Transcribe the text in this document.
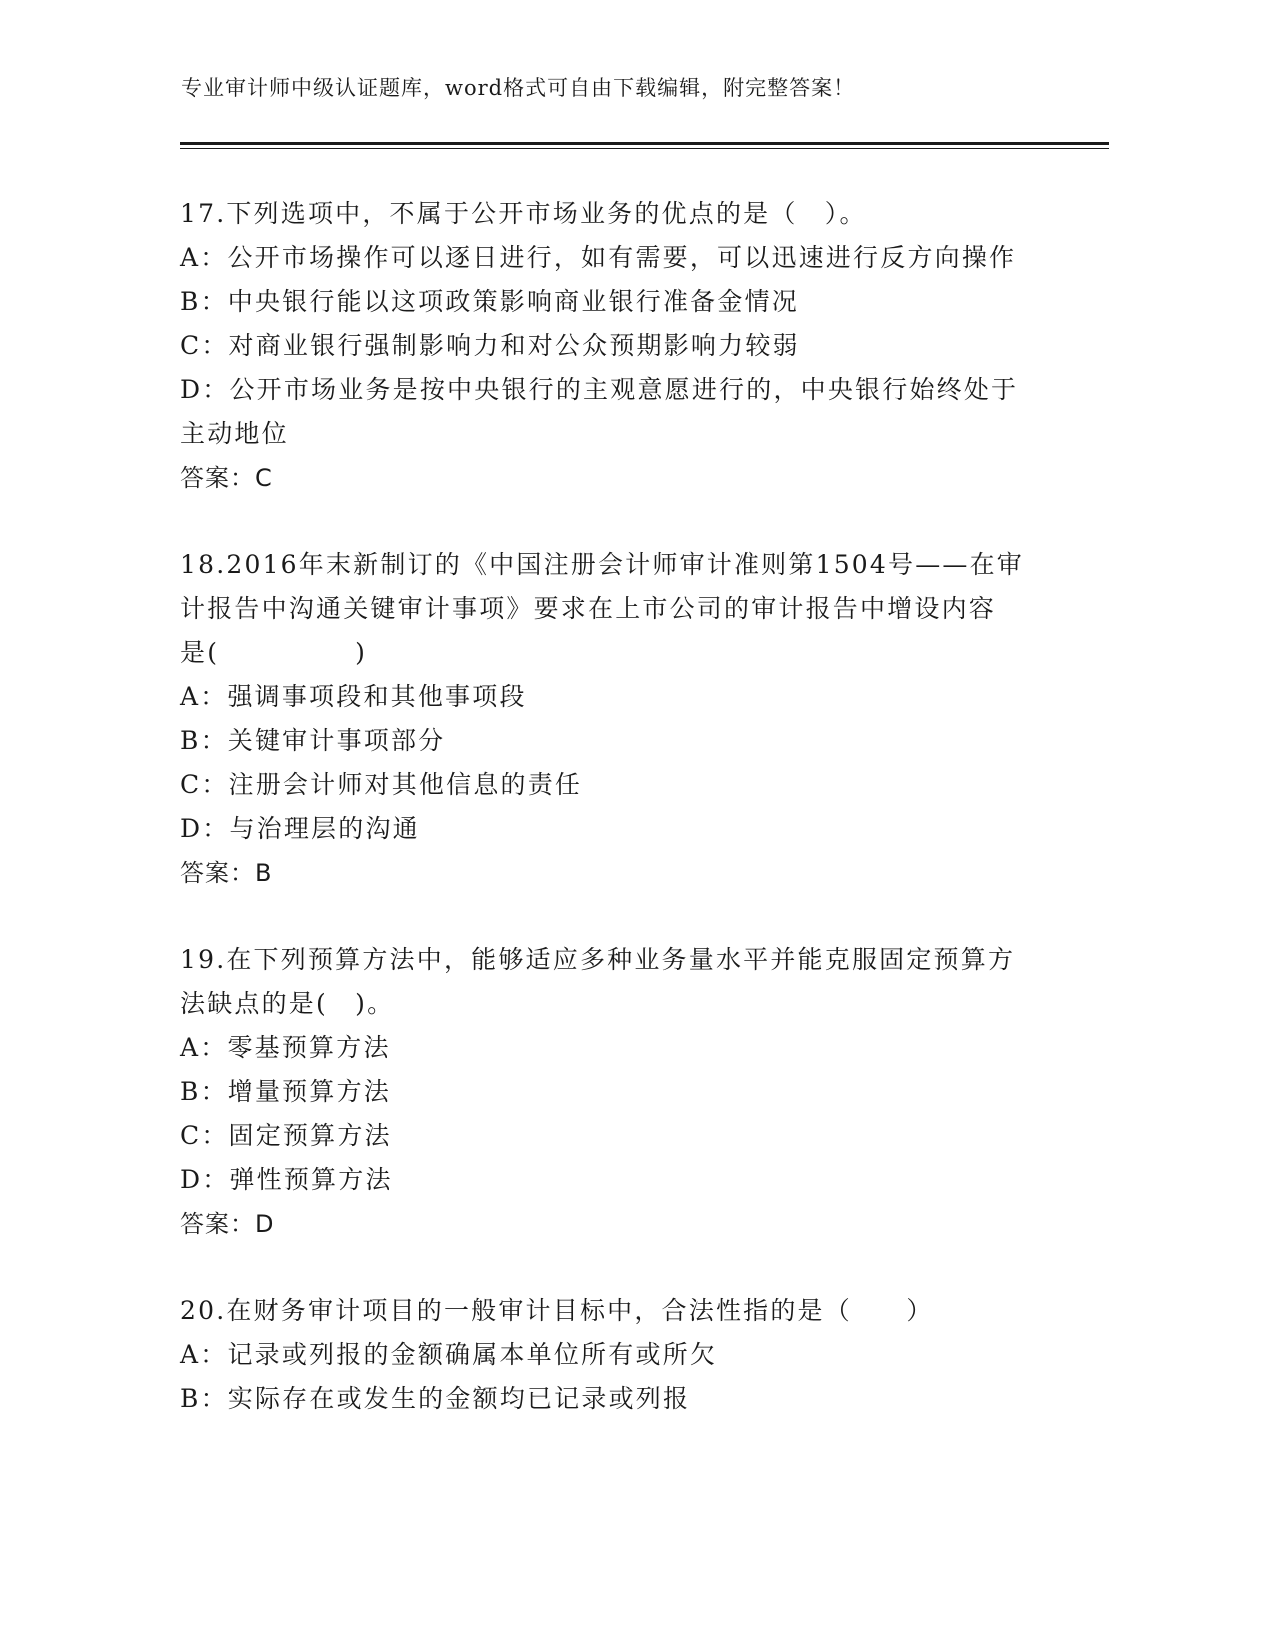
专业审计师中级认证题库，word格式可自由下载编辑，附完整答案！
17.下列选项中，不属于公开市场业务的优点的是（　）。
A：公开市场操作可以逐日进行，如有需要，可以迅速进行反方向操作
B：中央银行能以这项政策影响商业银行准备金情况
C：对商业银行强制影响力和对公众预期影响力较弱
D：公开市场业务是按中央银行的主观意愿进行的，中央银行始终处于
主动地位
答案：C
18.2016年末新制订的《中国注册会计师审计准则第1504号——在审
计报告中沟通关键审计事项》要求在上市公司的审计报告中增设内容
是(　　　　　)
A：强调事项段和其他事项段
B：关键审计事项部分
C：注册会计师对其他信息的责任
D：与治理层的沟通
答案：B
19.在下列预算方法中，能够适应多种业务量水平并能克服固定预算方
法缺点的是(　)。
A：零基预算方法
B：增量预算方法
C：固定预算方法
D：弹性预算方法
答案：D
20.在财务审计项目的一般审计目标中，合法性指的是（　　）
A：记录或列报的金额确属本单位所有或所欠
B：实际存在或发生的金额均已记录或列报
